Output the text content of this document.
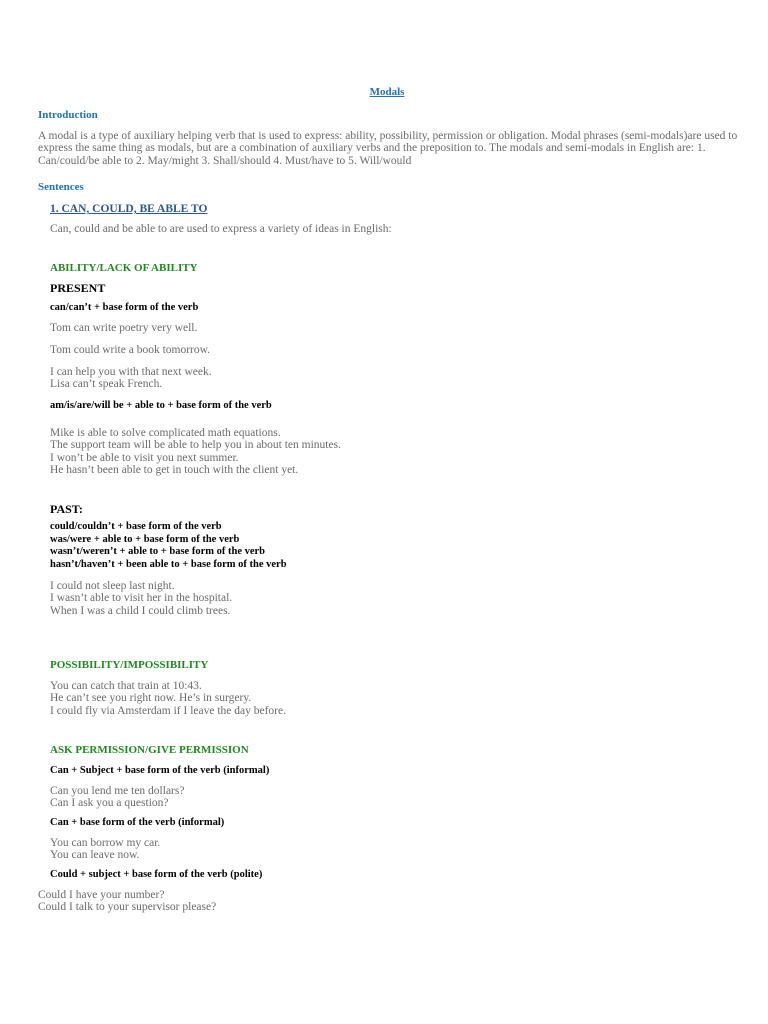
Modals
Introduction
A modal is a type of auxiliary helping verb that is used to express: ability, possibility, permission or obligation. Modal phrases (semi-modals)are used to express the same thing as modals, but are a combination of auxiliary verbs and the preposition to. The modals and semi-modals in English are: 1. Can/could/be able to 2. May/might 3. Shall/should 4. Must/have to 5. Will/would
Sentences
1. CAN, COULD, BE ABLE TO
Can, could and be able to are used to express a variety of ideas in English:
ABILITY/LACK OF ABILITY
PRESENT
can/can’t + base form of the verb
Tom can write poetry very well.
Tom could write a book tomorrow.
I can help you with that next week.
Lisa can’t speak French.
am/is/are/will be + able to + base form of the verb
Mike is able to solve complicated math equations.
The support team will be able to help you in about ten minutes.
I won’t be able to visit you next summer.
He hasn’t been able to get in touch with the client yet.
PAST:
could/couldn’t + base form of the verb
was/were + able to + base form of the verb
wasn’t/weren’t + able to + base form of the verb
hasn’t/haven’t + been able to + base form of the verb
I could not sleep last night.
I wasn’t able to visit her in the hospital.
When I was a child I could climb trees.
POSSIBILITY/IMPOSSIBILITY
You can catch that train at 10:43.
He can’t see you right now. He’s in surgery.
I could fly via Amsterdam if I leave the day before.
ASK PERMISSION/GIVE PERMISSION
Can + Subject + base form of the verb (informal)
Can you lend me ten dollars?
Can I ask you a question?
Can + base form of the verb (informal)
You can borrow my car.
You can leave now.
Could + subject + base form of the verb (polite)
Could I have your number?
Could I talk to your supervisor please?
